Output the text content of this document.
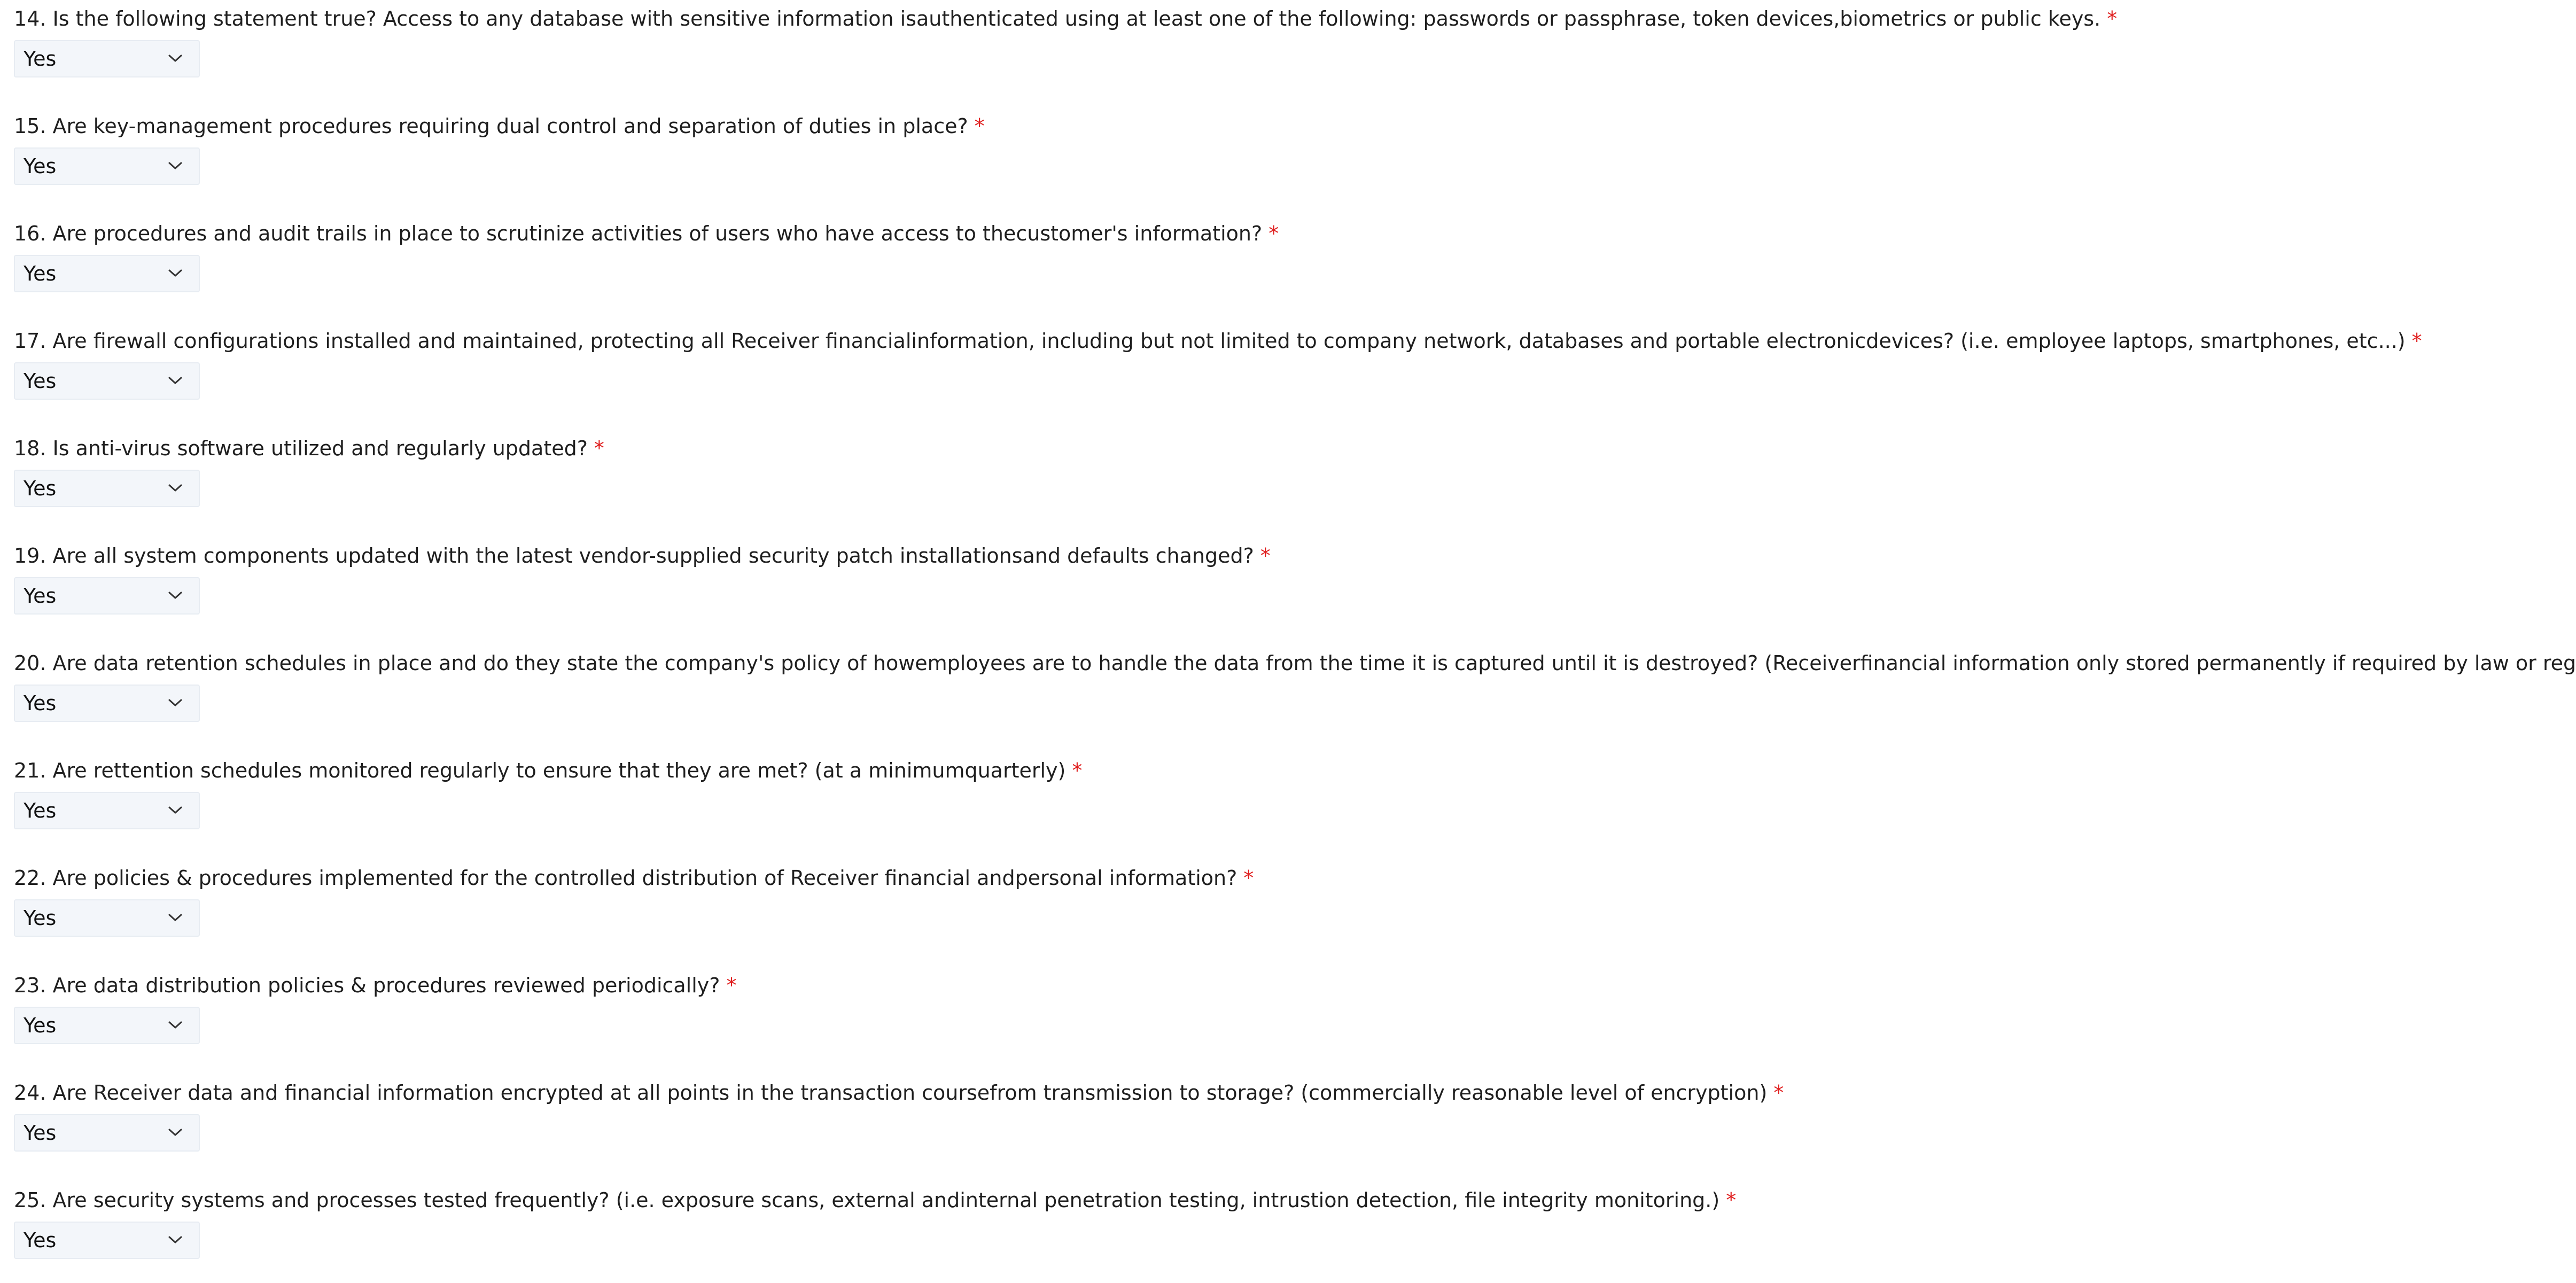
14. Is the following statement true? Access to any database with sensitive information isauthenticated using at least one of the following: passwords or passphrase, token devices,biometrics or public keys. *
Yes
15. Are key-management procedures requiring dual control and separation of duties in place? *
Yes
16. Are procedures and audit trails in place to scrutinize activities of users who have access to thecustomer's information? *
Yes
17. Are firewall configurations installed and maintained, protecting all Receiver financialinformation, including but not limited to company network, databases and portable electronicdevices? (i.e. employee laptops, smartphones, etc...) *
Yes
18. Is anti-virus software utilized and regularly updated? *
Yes
19. Are all system components updated with the latest vendor-supplied security patch installationsand defaults changed? *
Yes
20. Are data retention schedules in place and do they state the company's policy of howemployees are to handle the data from the time it is captured until it is destroyed? (Receiverfinancial information only stored permanently if required by law or reg
Yes
21. Are rettention schedules monitored regularly to ensure that they are met? (at a minimumquarterly) *
Yes
22. Are policies & procedures implemented for the controlled distribution of Receiver financial andpersonal information? *
Yes
23. Are data distribution policies & procedures reviewed periodically? *
Yes
24. Are Receiver data and financial information encrypted at all points in the transaction coursefrom transmission to storage? (commercially reasonable level of encryption) *
Yes
25. Are security systems and processes tested frequently? (i.e. exposure scans, external andinternal penetration testing, intrustion detection, file integrity monitoring.) *
Yes
